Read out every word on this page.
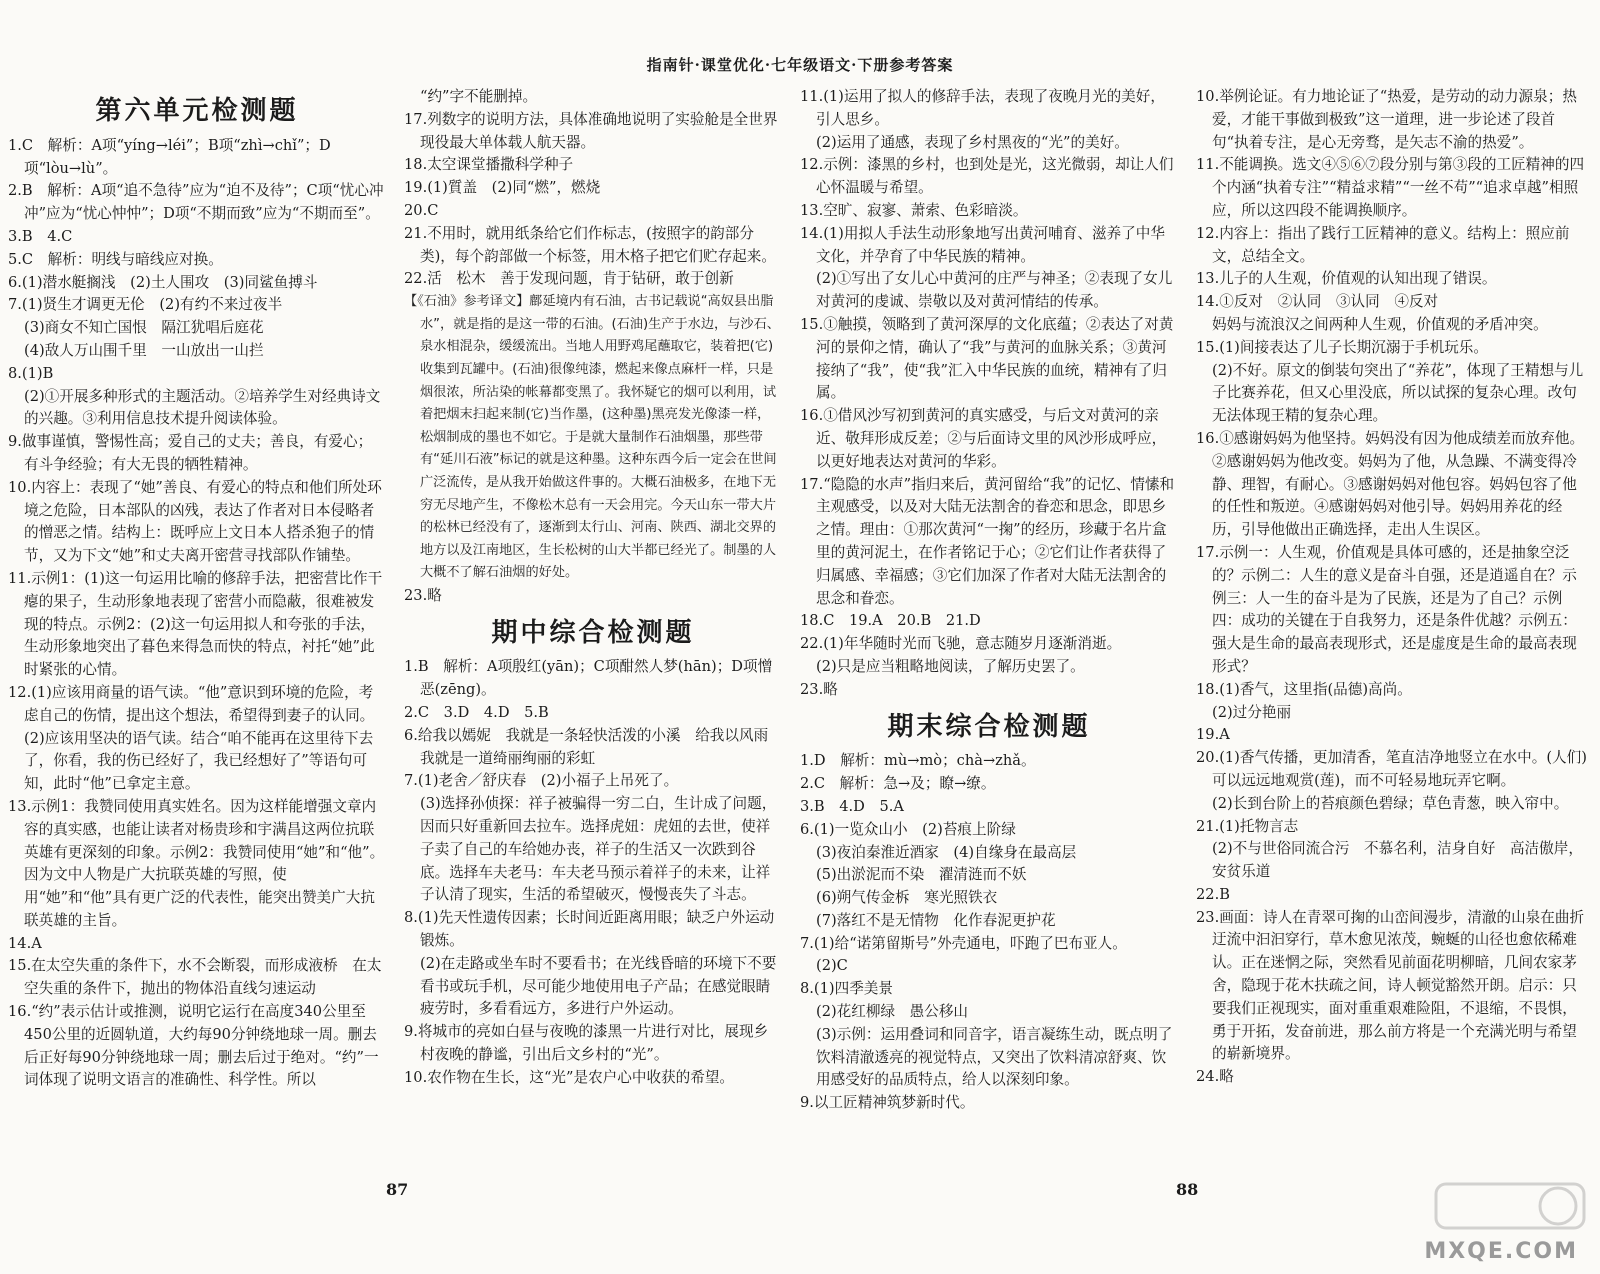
指南针·课堂优化·七年级语文·下册参考答案

第六单元检测题

1.C　解析：A项“yíng→léi”；B项“zhì→chǐ”；D项“lòu→lù”。

2.B　解析：A项“追不急待”应为“迫不及待”；C项“忧心冲冲”应为“忧心忡忡”；D项“不期而致”应为“不期而至”。

3.B　4.C

5.C　解析：明线与暗线应对换。

6.(1)潜水艇搁浅　(2)土人围攻　(3)同鲨鱼搏斗

7.(1)贤生才调更无伦　(2)有约不来过夜半

(3)商女不知亡国恨　隔江犹唱后庭花

(4)敌人万山围千里　一山放出一山拦

8.(1)B

(2)①开展多种形式的主题活动。②培养学生对经典诗文的兴趣。③利用信息技术提升阅读体验。

9.做事谨慎，警惕性高；爱自己的丈夫；善良，有爱心；有斗争经验；有大无畏的牺牲精神。

10.内容上：表现了“她”善良、有爱心的特点和他们所处环境之危险，日本部队的凶残，表达了作者对日本侵略者的憎恶之情。结构上：既呼应上文日本人搭杀狍子的情节，又为下文“她”和丈夫离开密营寻找部队作铺垫。

11.示例1：(1)这一句运用比喻的修辞手法，把密营比作干瘪的果子，生动形象地表现了密营小而隐蔽，很难被发现的特点。示例2：(2)这一句运用拟人和夸张的手法，生动形象地突出了暮色来得急而快的特点，衬托“她”此时紧张的心情。

12.(1)应该用商量的语气读。“他”意识到环境的危险，考虑自己的伤情，提出这个想法，希望得到妻子的认同。

(2)应该用坚决的语气读。结合“咱不能再在这里待下去了，你看，我的伤已经好了，我已经想好了”等语句可知，此时“他”已拿定主意。

13.示例1：我赞同使用真实姓名。因为这样能增强文章内容的真实感，也能让读者对杨贵珍和宇满昌这两位抗联英雄有更深刻的印象。示例2：我赞同使用“她”和“他”。因为文中人物是广大抗联英雄的写照，使用“她”和“他”具有更广泛的代表性，能突出赞美广大抗联英雄的主旨。

14.A

15.在太空失重的条件下，水不会断裂，而形成液桥　在太空失重的条件下，抛出的物体沿直线匀速运动

16.“约”表示估计或推测，说明它运行在高度340公里至450公里的近圆轨道，大约每90分钟绕地球一周。删去后正好每90分钟绕地球一周；删去后过于绝对。“约”一词体现了说明文语言的准确性、科学性。所以

“约”字不能删掉。

17.列数字的说明方法，具体准确地说明了实验舱是全世界现役最大单体载人航天器。

18.太空课堂播撒科学种子

19.(1)質盖　(2)同“燃”，燃烧

20.C

21.不用时，就用纸条给它们作标志，(按照字的韵部分类)，每个韵部做一个标签，用木格子把它们贮存起来。

22.活　松木　善于发现问题，肯于钻研，敢于创新

【《石油》参考译文】鄜延境内有石油，古书记载说“高奴县出脂水”，就是指的是这一带的石油。(石油)生产于水边，与沙石、泉水相混杂，缓缓流出。当地人用野鸡尾蘸取它，装着把(它)收集到瓦罐中。(石油)很像纯漆，燃起来像点麻杆一样，只是烟很浓，所沾染的帐幕都变黑了。我怀疑它的烟可以利用，试着把烟末扫起来制(它)当作墨，(这种墨)黑亮发光像漆一样，松烟制成的墨也不如它。于是就大量制作石油烟墨，那些带有“延川石液”标记的就是这种墨。这种东西今后一定会在世间广泛流传，是从我开始做这件事的。大概石油极多，在地下无穷无尽地产生，不像松木总有一天会用完。今天山东一带大片的松林已经没有了，逐渐到太行山、河南、陕西、湖北交界的地方以及江南地区，生长松树的山大半都已经光了。制墨的人大概不了解石油烟的好处。

23.略

期中综合检测题

1.B　解析：A项殷红(yān)；C项酣然人梦(hān)；D项憎恶(zēng)。

2.C　3.D　4.D　5.B

6.给我以嫣妮　我就是一条轻快活泼的小溪　给我以风雨　我就是一道绮丽绚丽的彩虹

7.(1)老舍／舒庆春　(2)小福子上吊死了。

(3)选择孙侦探：祥子被骗得一穷二白，生计成了问题，因而只好重新回去拉车。选择虎妞：虎妞的去世，使祥子卖了自己的车给她办丧，祥子的生活又一次跌到谷底。选择车夫老马：车夫老马预示着祥子的未来，让祥子认清了现实，生活的希望破灭，慢慢丧失了斗志。

8.(1)先天性遗传因素；长时间近距离用眼；缺乏户外运动锻炼。

(2)在走路或坐车时不要看书；在光线昏暗的环境下不要看书或玩手机，尽可能少地使用电子产品；在感觉眼睛疲劳时，多看看远方，多进行户外运动。

9.将城市的亮如白昼与夜晚的漆黑一片进行对比，展现乡村夜晚的静谧，引出后文乡村的“光”。

10.农作物在生长，这“光”是农户心中收获的希望。

11.(1)运用了拟人的修辞手法，表现了夜晚月光的美好，引人思乡。

(2)运用了通感，表现了乡村黑夜的“光”的美好。

12.示例：漆黑的乡村，也到处是光，这光微弱，却让人们心怀温暖与希望。

13.空旷、寂寥、萧索、色彩暗淡。

14.(1)用拟人手法生动形象地写出黄河哺育、滋养了中华文化，并孕育了中华民族的精神。

(2)①写出了女儿心中黄河的庄严与神圣；②表现了女儿对黄河的虔诚、崇敬以及对黄河情结的传承。

15.①触摸，领略到了黄河深厚的文化底蕴；②表达了对黄河的景仰之情，确认了“我”与黄河的血脉关系；③黄河接纳了“我”，使“我”汇入中华民族的血统，精神有了归属。

16.①借风沙写初到黄河的真实感受，与后文对黄河的亲近、敬拜形成反差；②与后面诗文里的风沙形成呼应，以更好地表达对黄河的华彩。

17.“隐隐的水声”指归来后，黄河留给“我”的记忆、情愫和主观感受，以及对大陆无法割舍的眷恋和思念，即思乡之情。理由：①那次黄河“一掬”的经历，珍藏于名片盒里的黄河泥土，在作者铭记于心；②它们让作者获得了归属感、幸福感；③它们加深了作者对大陆无法割舍的思念和眷恋。

18.C　19.A　20.B　21.D

22.(1)年华随时光而飞驰，意志随岁月逐渐消逝。

(2)只是应当粗略地阅读，了解历史罢了。

23.略

期末综合检测题

1.D　解析：mù→mò；chà→zhǎ。

2.C　解析：急→及；瞭→缭。

3.B　4.D　5.A

6.(1)一览众山小　(2)苔痕上阶绿

(3)夜泊秦淮近酒家　(4)自缘身在最高层

(5)出淤泥而不染　濯清涟而不妖

(6)朔气传金柝　寒光照铁衣

(7)落红不是无情物　化作春泥更护花

7.(1)给“诺第留斯号”外壳通电，吓跑了巴布亚人。

(2)C

8.(1)四季美景

(2)花红柳绿　愚公移山

(3)示例：运用叠词和同音字，语言凝练生动，既点明了饮料清澈透亮的视觉特点，又突出了饮料清凉舒爽、饮用感受好的品质特点，给人以深刻印象。

9.以工匠精神筑梦新时代。

10.举例论证。有力地论证了“热爱，是劳动的动力源泉；热爱，才能干事做到极致”这一道理，进一步论述了段首句“执着专注，是心无旁骛，是矢志不渝的热爱”。

11.不能调换。选文④⑤⑥⑦段分别与第③段的工匠精神的四个内涵“执着专注”“精益求精”“一丝不苟”“追求卓越”相照应，所以这四段不能调换顺序。

12.内容上：指出了践行工匠精神的意义。结构上：照应前文，总结全文。

13.儿子的人生观，价值观的认知出现了错误。

14.①反对　②认同　③认同　④反对

妈妈与流浪汉之间两种人生观，价值观的矛盾冲突。

15.(1)间接表达了儿子长期沉溺于手机玩乐。

(2)不好。原文的倒装句突出了“养花”，体现了王精想与儿子比赛养花，但又心里没底，所以试探的复杂心理。改句无法体现王精的复杂心理。

16.①感谢妈妈为他坚持。妈妈没有因为他成绩差而放弃他。②感谢妈妈为他改变。妈妈为了他，从急躁、不满变得冷静、理智，有耐心。③感谢妈妈对他包容。妈妈包容了他的任性和叛逆。④感谢妈妈对他引导。妈妈用养花的经历，引导他做出正确选择，走出人生误区。

17.示例一：人生观，价值观是具体可感的，还是抽象空泛的？示例二：人生的意义是奋斗自强，还是逍遥自在？示例三：人一生的奋斗是为了民族，还是为了自己？示例四：成功的关键在于自我努力，还是条件优越？示例五：强大是生命的最高表现形式，还是虚度是生命的最高表现形式？

18.(1)香气，这里指(品德)高尚。

(2)过分艳丽

19.A

20.(1)香气传播，更加清香，笔直洁净地竖立在水中。(人们)可以远远地观赏(莲)，而不可轻易地玩弄它啊。

(2)长到台阶上的苔痕颜色碧绿；草色青葱，映入帘中。

21.(1)托物言志

(2)不与世俗同流合污　不慕名利，洁身自好　高洁傲岸，安贫乐道

22.B

23.画面：诗人在青翠可掬的山峦间漫步，清澈的山泉在曲折迂流中汩汩穿行，草木愈见浓茂，蜿蜒的山径也愈依稀难认。正在迷惘之际，突然看见前面花明柳暗，几间农家茅舍，隐现于花木扶疏之间，诗人顿觉豁然开朗。启示：只要我们正视现实，面对重重艰难险阻，不退缩，不畏惧，勇于开拓，发奋前进，那么前方将是一个充满光明与希望的崭新境界。

24.略

87	88
MXQE.COM
